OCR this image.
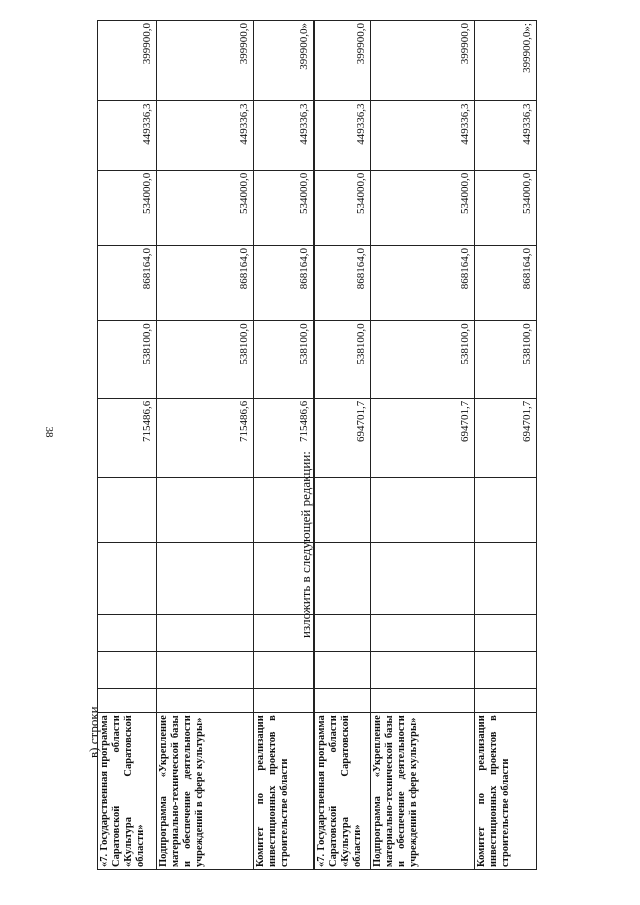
38
в) строки
«7. Государственная программа Саратовской области «Культура Саратовской области»						715486,6	538100,0	868164,0	534000,0	449336,3	399900,0
Подпрограмма «Укрепление материально-технической базы и обеспечение деятельности учреждений в сфере культуры»						715486,6	538100,0	868164,0	534000,0	449336,3	399900,0
Комитет по реализации инвестиционных проектов в строительстве области						715486,6	538100,0	868164,0	534000,0	449336,3	399900,0»
изложить в следующей редакции:
«7. Государственная программа Саратовской области «Культура Саратовской области»						694701,7	538100,0	868164,0	534000,0	449336,3	399900,0
Подпрограмма «Укрепление материально-технической базы и обеспечение деятельности учреждений в сфере культуры»						694701,7	538100,0	868164,0	534000,0	449336,3	399900,0
Комитет по реализации инвестиционных проектов в строительстве области						694701,7	538100,0	868164,0	534000,0	449336,3	399900,0»;
